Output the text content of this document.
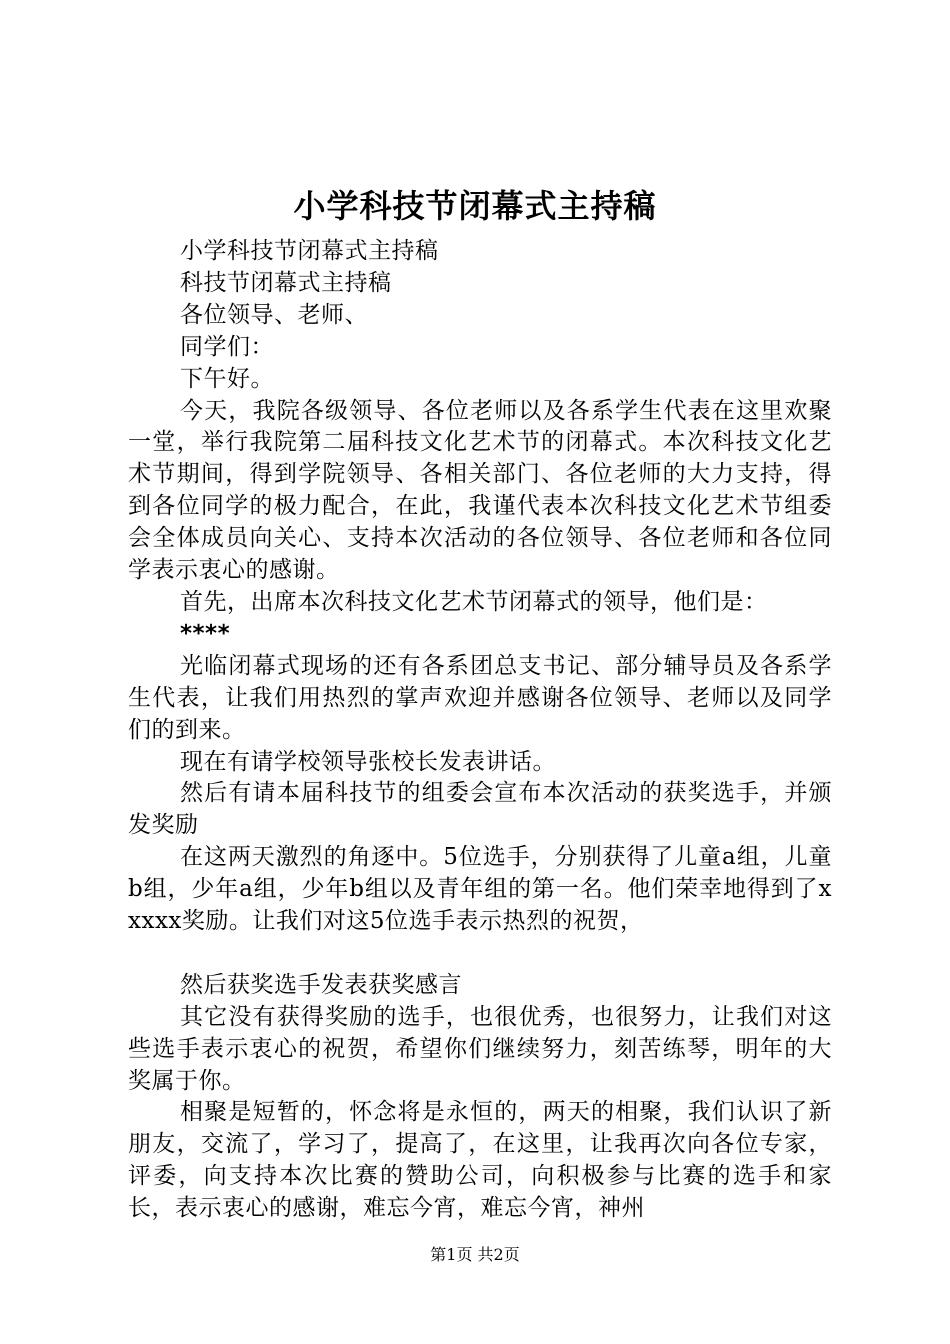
小学科技节闭幕式主持稿

小学科技节闭幕式主持稿

科技节闭幕式主持稿

各位领导、老师、

同学们：

下午好。

今天，我院各级领导、各位老师以及各系学生代表在这里欢聚一堂，举行我院第二届科技文化艺术节的闭幕式。本次科技文化艺术节期间，得到学院领导、各相关部门、各位老师的大力支持，得到各位同学的极力配合，在此，我谨代表本次科技文化艺术节组委会全体成员向关心、支持本次活动的各位领导、各位老师和各位同学表示衷心的感谢。

首先，出席本次科技文化艺术节闭幕式的领导，他们是：

****

光临闭幕式现场的还有各系团总支书记、部分辅导员及各系学生代表，让我们用热烈的掌声欢迎并感谢各位领导、老师以及同学们的到来。

现在有请学校领导张校长发表讲话。

然后有请本届科技节的组委会宣布本次活动的获奖选手，并颁发奖励

在这两天激烈的角逐中。5位选手，分别获得了儿童a组，儿童b组，少年a组，少年b组以及青年组的第一名。他们荣幸地得到了xxxxx奖励。让我们对这5位选手表示热烈的祝贺，

然后获奖选手发表获奖感言

其它没有获得奖励的选手，也很优秀，也很努力，让我们对这些选手表示衷心的祝贺，希望你们继续努力，刻苦练琴，明年的大奖属于你。

相聚是短暂的，怀念将是永恒的，两天的相聚，我们认识了新朋友，交流了，学习了，提高了，在这里，让我再次向各位专家，评委，向支持本次比赛的赞助公司，向积极参与比赛的选手和家长，表示衷心的感谢，难忘今宵，难忘今宵，神州

第1页 共2页
